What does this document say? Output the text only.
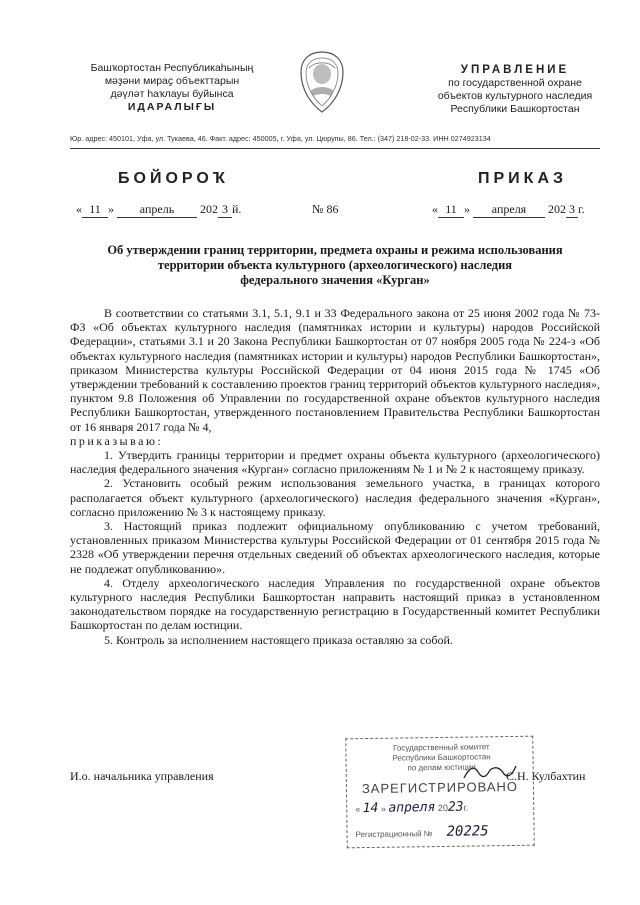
Башҡортостан Республикаһының
мәҙәни мираҫ объекттарын
дәүләт һаҡлауы буйынса
ИДАРАЛЫҒЫ
УПРАВЛЕНИЕ
по государственной охране
объектов культурного наследия
Республики Башкортостан
Юр. адрес: 450101, Уфа, ул. Тукаева, 46. Факт. адрес: 450005, г. Уфа, ул. Цюрупы, 86. Тел.: (347) 218-02-33. ИНН 0274923134
БОЙОРОҠ	ПРИКАЗ
« 11 » апрель 202 3 й.	№ 86	« 11 » апреля 202 3 г.
Об утверждении границ территории, предмета охраны и режима использования
территории объекта культурного (археологического) наследия
федерального значения «Курган»

В соответствии со статьями 3.1, 5.1, 9.1 и 33 Федерального закона от 25 июня 2002 года № 73-ФЗ «Об объектах культурного наследия (памятниках истории и культуры) народов Российской Федерации», статьями 3.1 и 20 Закона Республики Башкортостан от 07 ноября 2005 года № 224-з «Об объектах культурного наследия (памятниках истории и культуры) народов Республики Башкортостан», приказом Министерства культуры Российской Федерации от 04 июня 2015 года № 1745 «Об утверждении требований к составлению проектов границ территорий объектов культурного наследия», пунктом 9.8 Положения об Управлении по государственной охране объектов культурного наследия Республики Башкортостан, утвержденного постановлением Правительства Республики Башкортостан от 16 января 2017 года № 4,

приказываю:

1. Утвердить границы территории и предмет охраны объекта культурного (археологического) наследия федерального значения «Курган» согласно приложениям № 1 и № 2 к настоящему приказу.

2. Установить особый режим использования земельного участка, в границах которого располагается объект культурного (археологического) наследия федерального значения «Курган», согласно приложению № 3 к настоящему приказу.

3. Настоящий приказ подлежит официальному опубликованию с учетом требований, установленных приказом Министерства культуры Российской Федерации от 01 сентября 2015 года № 2328 «Об утверждении перечня отдельных сведений об объектах археологического наследия, которые не подлежат опубликованию».

4. Отделу археологического наследия Управления по государственной охране объектов культурного наследия Республики Башкортостан направить настоящий приказ в установленном законодательством порядке на государственную регистрацию в Государственный комитет Республики Башкортостан по делам юстиции.

5. Контроль за исполнением настоящего приказа оставляю за собой.

И.о. начальника управления	С.Н. Кулбахтин
Государственный комитет
Республики Башкортостан
по делам юстиции
ЗАРЕГИСТРИРОВАНО
« 14 » апреля 2023г.
Регистрационный № 20225
